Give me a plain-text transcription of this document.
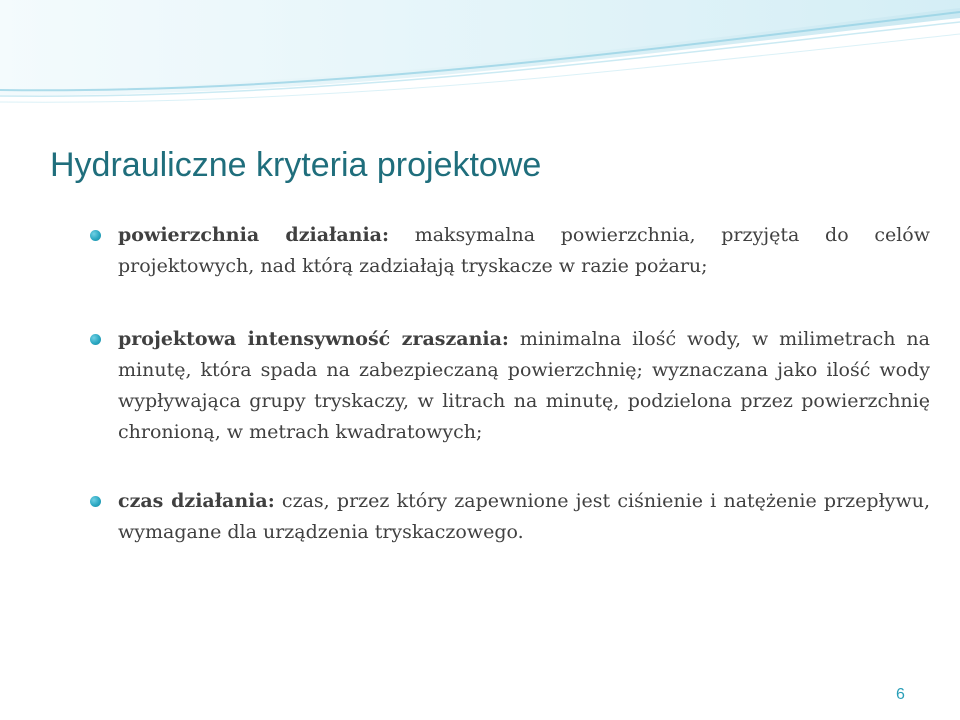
Hydrauliczne kryteria projektowe
powierzchnia działania: maksymalna powierzchnia, przyjęta do celów projektowych, nad którą zadziałają tryskacze w razie pożaru;
projektowa intensywność zraszania: minimalna ilość wody, w milimetrach na minutę, która spada na zabezpieczaną powierzchnię; wyznaczana jako ilość wody wypływająca grupy tryskaczy, w litrach na minutę, podzielona przez powierzchnię chronioną, w metrach kwadratowych;
czas działania: czas, przez który zapewnione jest ciśnienie i natężenie przepływu, wymagane dla urządzenia tryskaczowego.
6
